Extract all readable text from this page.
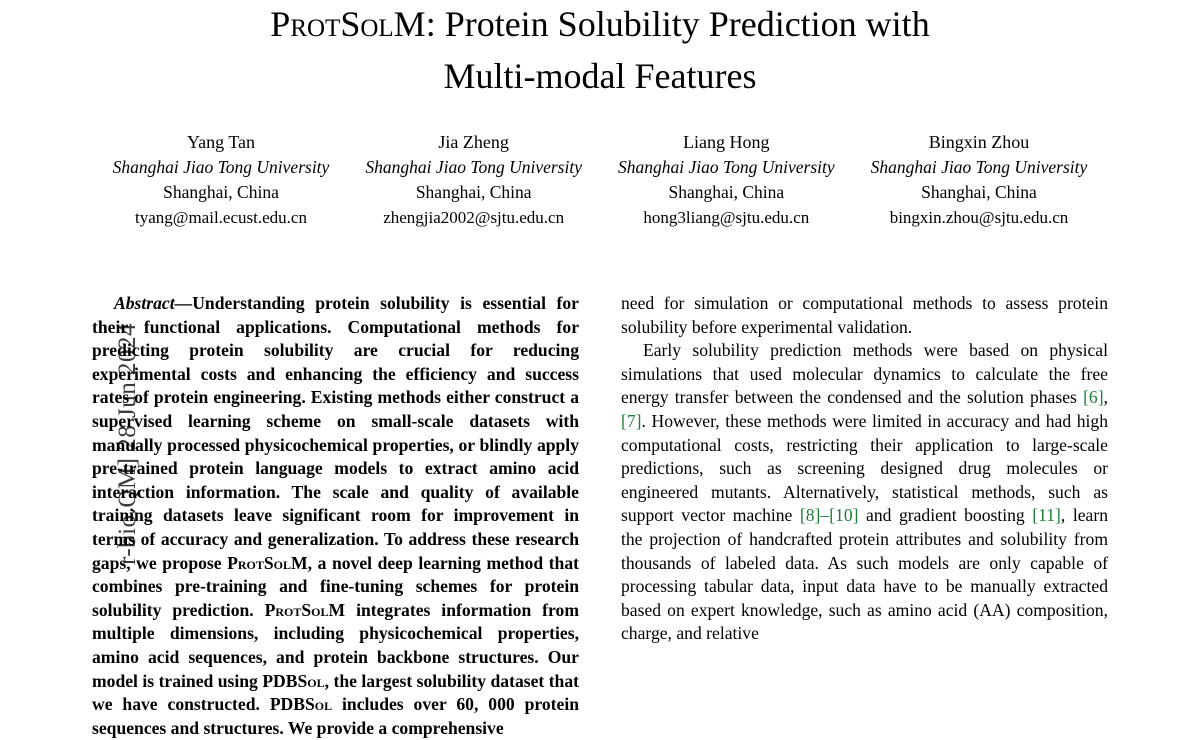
r-bio.QM] 28 Jun 2024
ProtSolM: Protein Solubility Prediction with
Multi-modal Features
Yang Tan
Shanghai Jiao Tong University
Shanghai, China
tyang@mail.ecust.edu.cn
Jia Zheng
Shanghai Jiao Tong University
Shanghai, China
zhengjia2002@sjtu.edu.cn
Liang Hong
Shanghai Jiao Tong University
Shanghai, China
hong3liang@sjtu.edu.cn
Bingxin Zhou
Shanghai Jiao Tong University
Shanghai, China
bingxin.zhou@sjtu.edu.cn

Abstract—Understanding protein solubility is essential for their functional applications. Computational methods for predicting protein solubility are crucial for reducing experimental costs and enhancing the efficiency and success rates of protein engineering. Existing methods either construct a supervised learning scheme on small-scale datasets with manually processed physicochemical properties, or blindly apply pre-trained protein language models to extract amino acid interaction information. The scale and quality of available training datasets leave significant room for improvement in terms of accuracy and generalization. To address these research gaps, we propose ProtSolM, a novel deep learning method that combines pre-training and fine-tuning schemes for protein solubility prediction. ProtSolM integrates information from multiple dimensions, including physicochemical properties, amino acid sequences, and protein backbone structures. Our model is trained using PDBSol, the largest solubility dataset that we have constructed. PDBSol includes over 60, 000 protein sequences and structures. We provide a comprehensive

need for simulation or computational methods to assess protein solubility before experimental validation.

Early solubility prediction methods were based on physical simulations that used molecular dynamics to calculate the free energy transfer between the condensed and the solution phases [6], [7]. However, these methods were limited in accuracy and had high computational costs, restricting their application to large-scale predictions, such as screening designed drug molecules or engineered mutants. Alternatively, statistical methods, such as support vector machine [8]–[10] and gradient boosting [11], learn the projection of handcrafted protein attributes and solubility from thousands of labeled data. As such models are only capable of processing tabular data, input data have to be manually extracted based on expert knowledge, such as amino acid (AA) composition, charge, and relative
